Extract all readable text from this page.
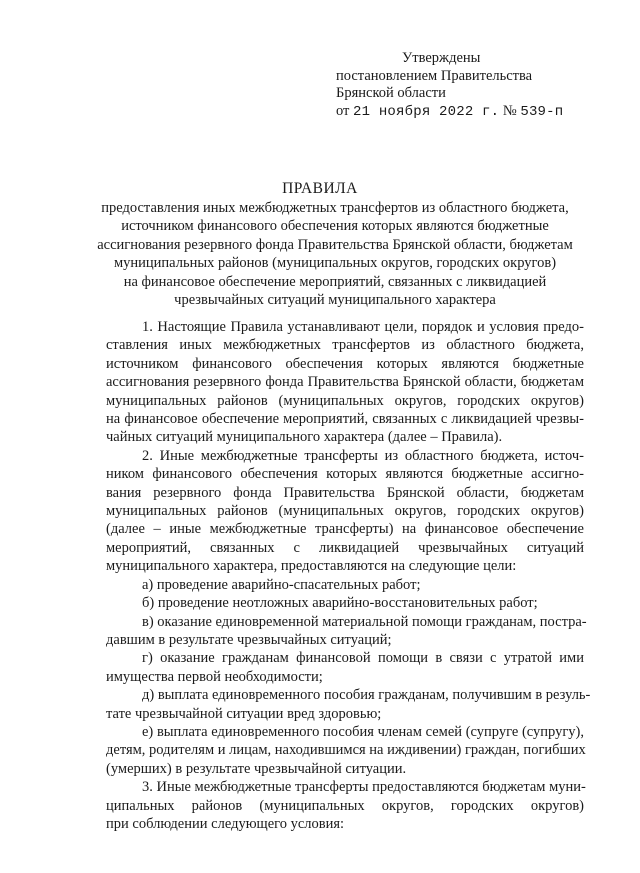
Утверждены
постановлением Правительства
Брянской области
от 21 ноября 2022 г. № 539-п
ПРАВИЛА
предоставления иных межбюджетных трансфертов из областного бюджета,
источником финансового обеспечения которых являются бюджетные
ассигнования резервного фонда Правительства Брянской области, бюджетам
муниципальных районов (муниципальных округов, городских округов)
на финансовое обеспечение мероприятий, связанных с ликвидацией
чрезвычайных ситуаций муниципального характера
1. Настоящие Правила устанавливают цели, порядок и условия предо-
ставления иных межбюджетных трансфертов из областного бюджета,
источником финансового обеспечения которых являются бюджетные
ассигнования резервного фонда Правительства Брянской области, бюджетам
муниципальных районов (муниципальных округов, городских округов)
на финансовое обеспечение мероприятий, связанных с ликвидацией чрезвы-
чайных ситуаций муниципального характера (далее – Правила).
2. Иные межбюджетные трансферты из областного бюджета, источ-
ником финансового обеспечения которых являются бюджетные ассигно-
вания резервного фонда Правительства Брянской области, бюджетам
муниципальных районов (муниципальных округов, городских округов)
(далее – иные межбюджетные трансферты) на финансовое обеспечение
мероприятий, связанных с ликвидацией чрезвычайных ситуаций
муниципального характера, предоставляются на следующие цели:
а) проведение аварийно-спасательных работ;
б) проведение неотложных аварийно-восстановительных работ;
в) оказание единовременной материальной помощи гражданам, постра-
давшим в результате чрезвычайных ситуаций;
г) оказание гражданам финансовой помощи в связи с утратой ими
имущества первой необходимости;
д) выплата единовременного пособия гражданам, получившим в резуль-
тате чрезвычайной ситуации вред здоровью;
е) выплата единовременного пособия членам семей (супруге (супругу),
детям, родителям и лицам, находившимся на иждивении) граждан, погибших
(умерших) в результате чрезвычайной ситуации.
3. Иные межбюджетные трансферты предоставляются бюджетам муни-
ципальных районов (муниципальных округов, городских округов)
при соблюдении следующего условия:
